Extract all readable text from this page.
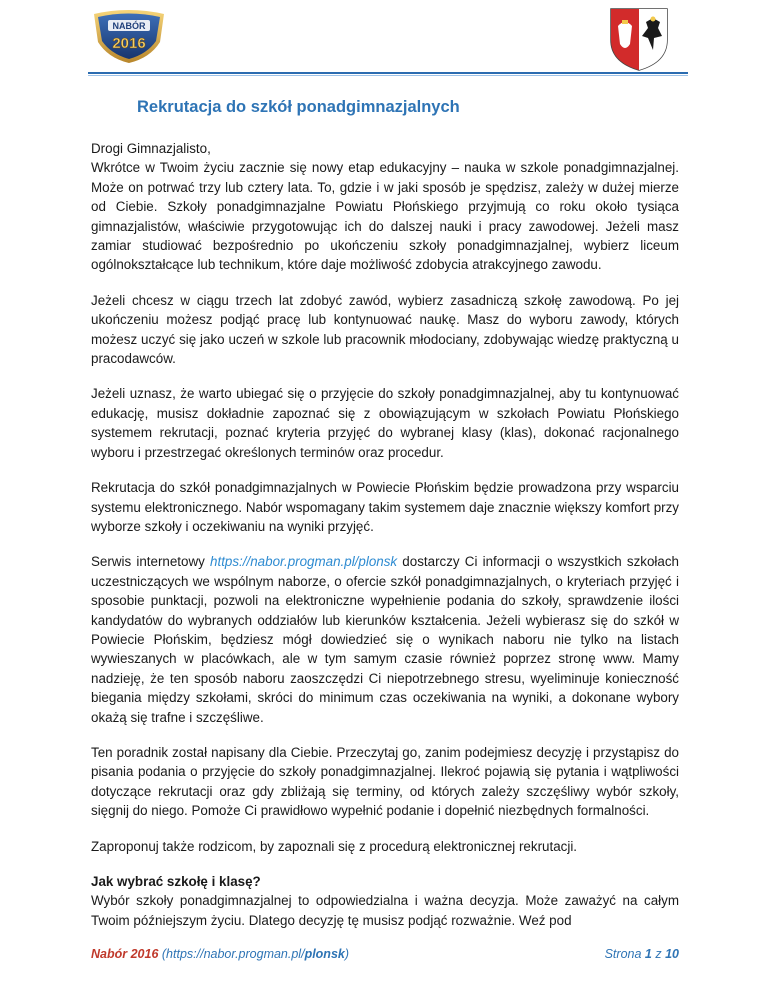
NABÓR
2016
Rekrutacja do szkół ponadgimnazjalnych

Drogi Gimnazjalisto,

Wkrótce w Twoim życiu zacznie się nowy etap edukacyjny – nauka w szkole ponadgimnazjalnej. Może on potrwać trzy lub cztery lata. To, gdzie i w jaki sposób je spędzisz, zależy w dużej mierze od Ciebie. Szkoły ponadgimnazjalne Powiatu Płońskiego przyjmują co roku około tysiąca gimnazjalistów, właściwie przygotowując ich do dalszej nauki i pracy zawodowej. Jeżeli masz zamiar studiować bezpośrednio po ukończeniu szkoły ponadgimnazjalnej, wybierz liceum ogólnokształcące lub technikum, które daje możliwość zdobycia atrakcyjnego zawodu.

Jeżeli chcesz w ciągu trzech lat zdobyć zawód, wybierz zasadniczą szkołę zawodową. Po jej ukończeniu możesz podjąć pracę lub kontynuować naukę. Masz do wyboru zawody, których możesz uczyć się jako uczeń w szkole lub pracownik młodociany, zdobywając wiedzę praktyczną u pracodawców.

Jeżeli uznasz, że warto ubiegać się o przyjęcie do szkoły ponadgimnazjalnej, aby tu kontynuować edukację, musisz dokładnie zapoznać się z obowiązującym w szkołach Powiatu Płońskiego systemem rekrutacji, poznać kryteria przyjęć do wybranej klasy (klas), dokonać racjonalnego wyboru i przestrzegać określonych terminów oraz procedur.

Rekrutacja do szkół ponadgimnazjalnych w Powiecie Płońskim będzie prowadzona przy wsparciu systemu elektronicznego. Nabór wspomagany takim systemem daje znacznie większy komfort przy wyborze szkoły i oczekiwaniu na wyniki przyjęć.

Serwis internetowy https://nabor.progman.pl/plonsk dostarczy Ci informacji o wszystkich szkołach uczestniczących we wspólnym naborze, o ofercie szkół ponadgimnazjalnych, o kryteriach przyjęć i sposobie punktacji, pozwoli na elektroniczne wypełnienie podania do szkoły, sprawdzenie ilości kandydatów do wybranych oddziałów lub kierunków kształcenia. Jeżeli wybierasz się do szkół w Powiecie Płońskim, będziesz mógł dowiedzieć się o wynikach naboru nie tylko na listach wywieszanych w placówkach, ale w tym samym czasie również poprzez stronę www. Mamy nadzieję, że ten sposób naboru zaoszczędzi Ci niepotrzebnego stresu, wyeliminuje konieczność biegania między szkołami, skróci do minimum czas oczekiwania na wyniki, a dokonane wybory okażą się trafne i szczęśliwe.

Ten poradnik został napisany dla Ciebie. Przeczytaj go, zanim podejmiesz decyzję i przystąpisz do pisania podania o przyjęcie do szkoły ponadgimnazjalnej. Ilekroć pojawią się pytania i wątpliwości dotyczące rekrutacji oraz gdy zbliżają się terminy, od których zależy szczęśliwy wybór szkoły, sięgnij do niego. Pomoże Ci prawidłowo wypełnić podanie i dopełnić niezbędnych formalności.

Zaproponuj także rodzicom, by zapoznali się z procedurą elektronicznej rekrutacji.

Jak wybrać szkołę i klasę?

Wybór szkoły ponadgimnazjalnej to odpowiedzialna i ważna decyzja. Może zaważyć na całym Twoim późniejszym życiu. Dlatego decyzję tę musisz podjąć rozważnie. Weź pod

Nabór 2016 (https://nabor.progman.pl/plonsk)	Strona 1 z 10
